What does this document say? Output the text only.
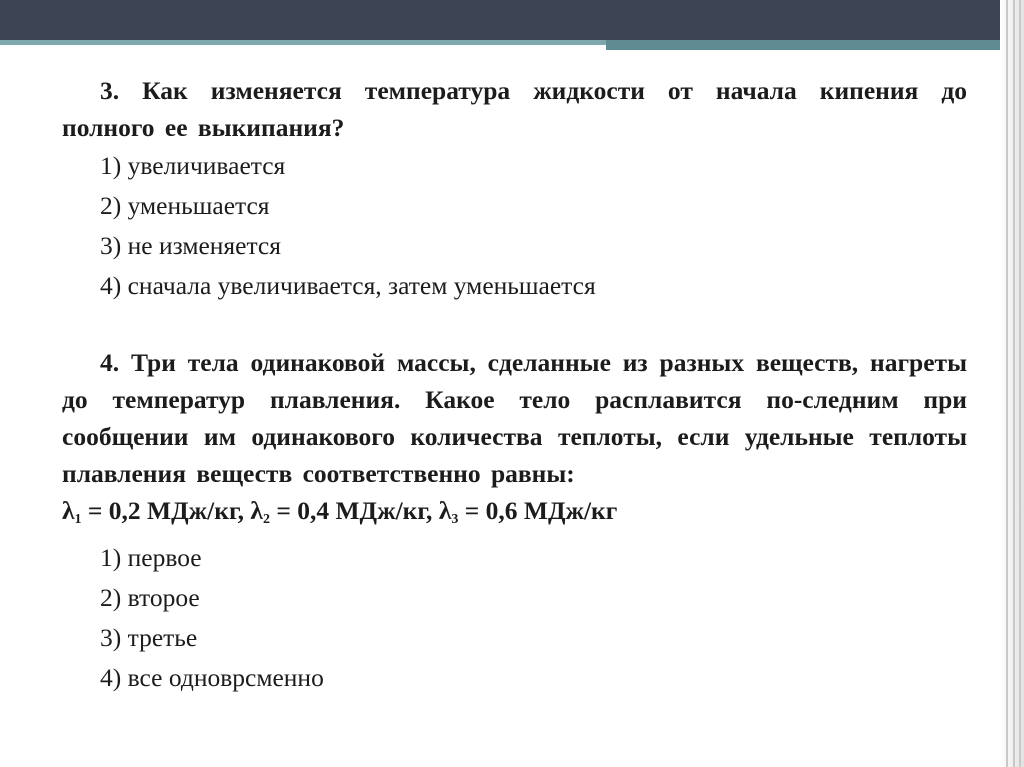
3. Как изменяется температура жидкости от начала кипения до полного ее выкипания?

1) увеличивается
2) уменьшается
3) не изменяется
4) сначала увеличивается, затем уменьшается

4. Три тела одинаковой массы, сделанные из разных веществ, нагреты до температур плавления. Какое тело расплавится по-следним при сообщении им одинакового количества теплоты, если удельные теплоты плавления веществ соответственно равны:

$\lambda_1 = 0,2$ МДж/кг, $\lambda_2 = 0,4$ МДж/кг, $\lambda_3 = 0,6$ МДж/кг

1) первое
2) второе
3) третье
4) все одноврсменно
